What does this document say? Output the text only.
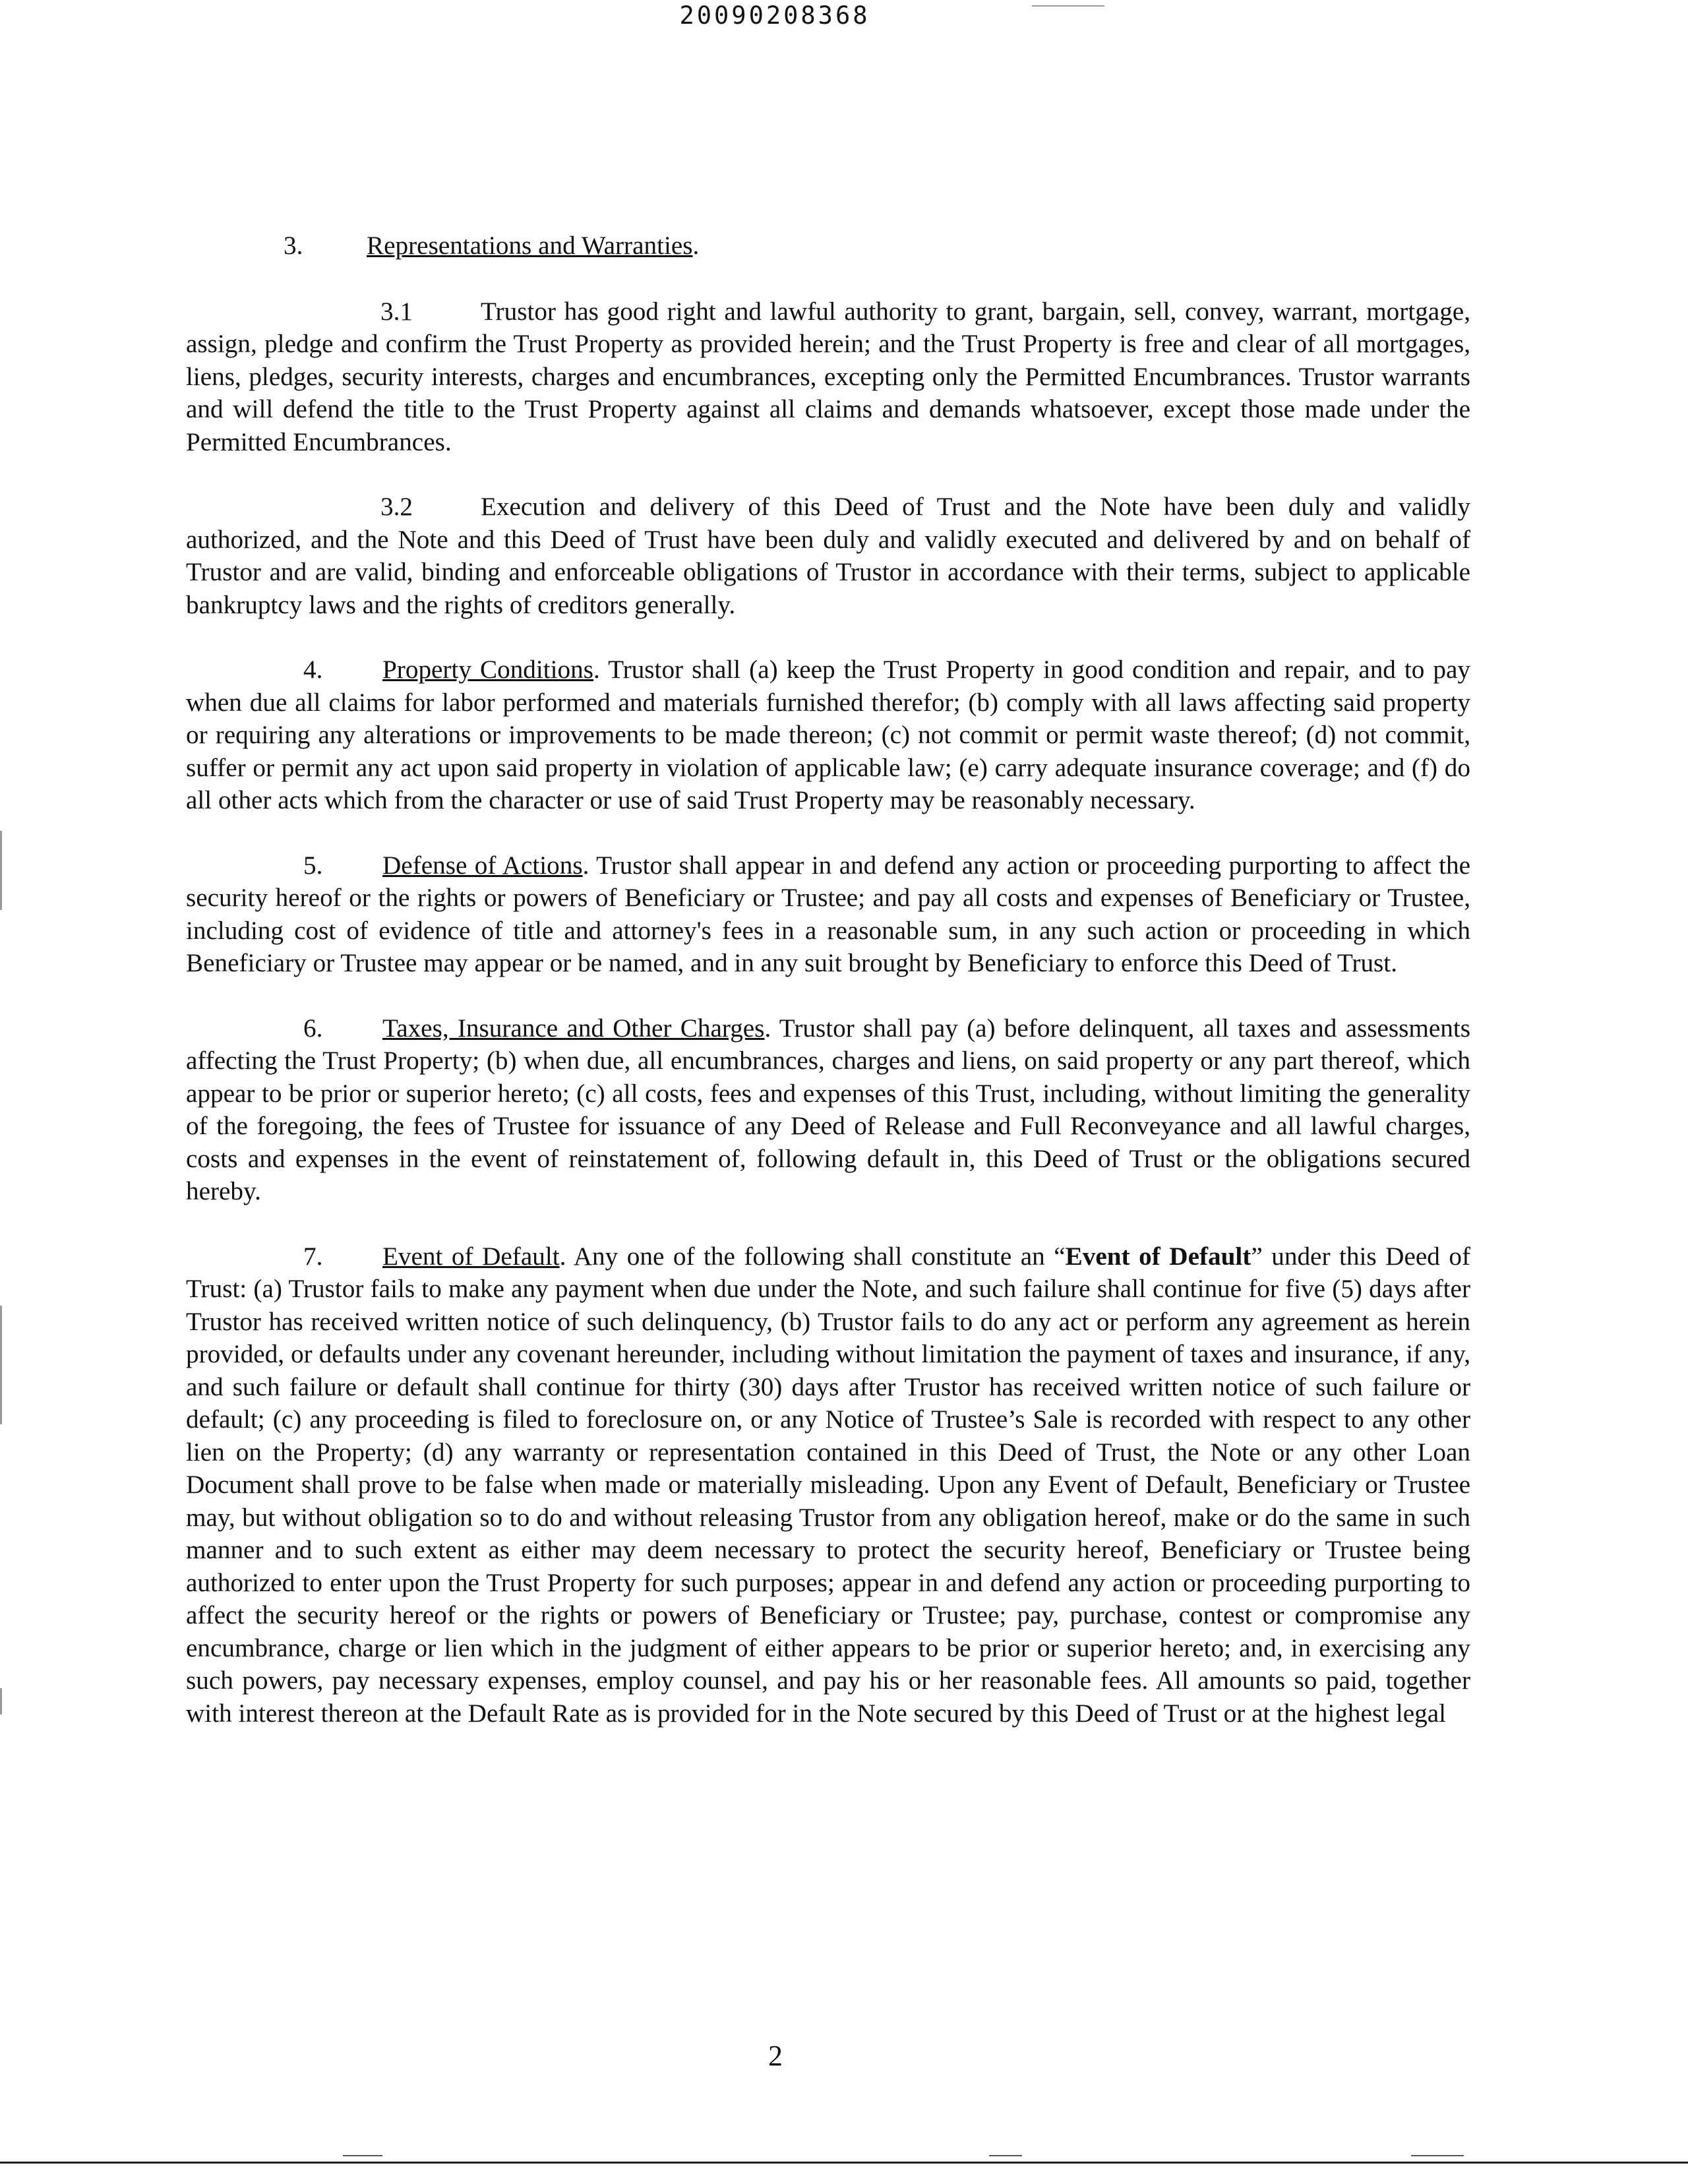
20090208368
3. Representations and Warranties.

3.1	Trustor has good right and lawful authority to grant, bargain, sell, convey, warrant, mortgage, assign, pledge and confirm the Trust Property as provided herein; and the Trust Property is free and clear of all mortgages, liens, pledges, security interests, charges and encumbrances, excepting only the Permitted Encumbrances. Trustor warrants and will defend the title to the Trust Property against all claims and demands whatsoever, except those made under the Permitted Encumbrances.

3.2	Execution and delivery of this Deed of Trust and the Note have been duly and validly authorized, and the Note and this Deed of Trust have been duly and validly executed and delivered by and on behalf of Trustor and are valid, binding and enforceable obligations of Trustor in accordance with their terms, subject to applicable bankruptcy laws and the rights of creditors generally.

4. Property Conditions. Trustor shall (a) keep the Trust Property in good condition and repair, and to pay when due all claims for labor performed and materials furnished therefor; (b) comply with all laws affecting said property or requiring any alterations or improvements to be made thereon; (c) not commit or permit waste thereof; (d) not commit, suffer or permit any act upon said property in violation of applicable law; (e) carry adequate insurance coverage; and (f) do all other acts which from the character or use of said Trust Property may be reasonably necessary.

5. Defense of Actions. Trustor shall appear in and defend any action or proceeding purporting to affect the security hereof or the rights or powers of Beneficiary or Trustee; and pay all costs and expenses of Beneficiary or Trustee, including cost of evidence of title and attorney's fees in a reasonable sum, in any such action or proceeding in which Beneficiary or Trustee may appear or be named, and in any suit brought by Beneficiary to enforce this Deed of Trust.

6. Taxes, Insurance and Other Charges. Trustor shall pay (a) before delinquent, all taxes and assessments affecting the Trust Property; (b) when due, all encumbrances, charges and liens, on said property or any part thereof, which appear to be prior or superior hereto; (c) all costs, fees and expenses of this Trust, including, without limiting the generality of the foregoing, the fees of Trustee for issuance of any Deed of Release and Full Reconveyance and all lawful charges, costs and expenses in the event of reinstatement of, following default in, this Deed of Trust or the obligations secured hereby.

7. Event of Default. Any one of the following shall constitute an “Event of Default” under this Deed of Trust: (a) Trustor fails to make any payment when due under the Note, and such failure shall continue for five (5) days after Trustor has received written notice of such delinquency, (b) Trustor fails to do any act or perform any agreement as herein provided, or defaults under any covenant hereunder, including without limitation the payment of taxes and insurance, if any, and such failure or default shall continue for thirty (30) days after Trustor has received written notice of such failure or default; (c) any proceeding is filed to foreclosure on, or any Notice of Trustee’s Sale is recorded with respect to any other lien on the Property; (d) any warranty or representation contained in this Deed of Trust, the Note or any other Loan Document shall prove to be false when made or materially misleading. Upon any Event of Default, Beneficiary or Trustee may, but without obligation so to do and without releasing Trustor from any obligation hereof, make or do the same in such manner and to such extent as either may deem necessary to protect the security hereof, Beneficiary or Trustee being authorized to enter upon the Trust Property for such purposes; appear in and defend any action or proceeding purporting to affect the security hereof or the rights or powers of Beneficiary or Trustee; pay, purchase, contest or compromise any encumbrance, charge or lien which in the judgment of either appears to be prior or superior hereto; and, in exercising any such powers, pay necessary expenses, employ counsel, and pay his or her reasonable fees. All amounts so paid, together with interest thereon at the Default Rate as is provided for in the Note secured by this Deed of Trust or at the highest legal

2
